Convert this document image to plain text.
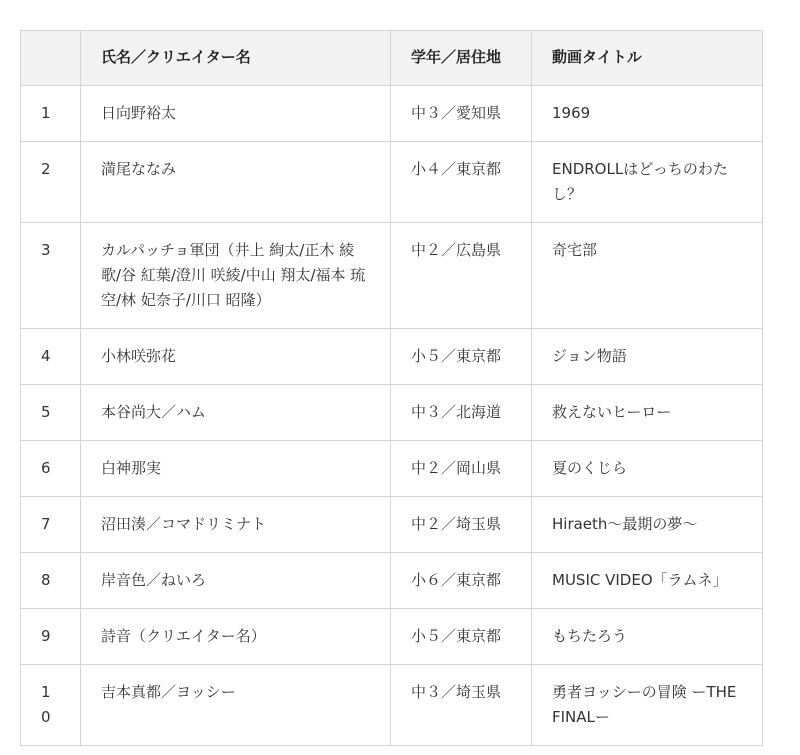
	氏名／クリエイター名	学年／居住地	動画タイトル
1	日向野裕太	中３／愛知県	1969
2	満尾ななみ	小４／東京都	ENDROLLはどっちのわたし？
3	カルパッチョ軍団（井上 絢太/正木 綾歌/谷 紅葉/澄川 咲綾/中山 翔太/福本 琉空/林 妃奈子/川口 昭隆）	中２／広島県	奇宅部
4	小林咲弥花	小５／東京都	ジョン物語
5	本谷尚大／ハム	中３／北海道	救えないヒーロー
6	白神那実	中２／岡山県	夏のくじら
7	沼田湊／コマドリミナト	中２／埼玉県	Hiraeth～最期の夢～
8	岸音色／ねいろ	小６／東京都	MUSIC VIDEO「ラムネ」
9	詩音（クリエイター名）	小５／東京都	もちたろう
10	吉本真都／ヨッシー	中３／埼玉県	勇者ヨッシーの冒険 ーTHE FINALー
